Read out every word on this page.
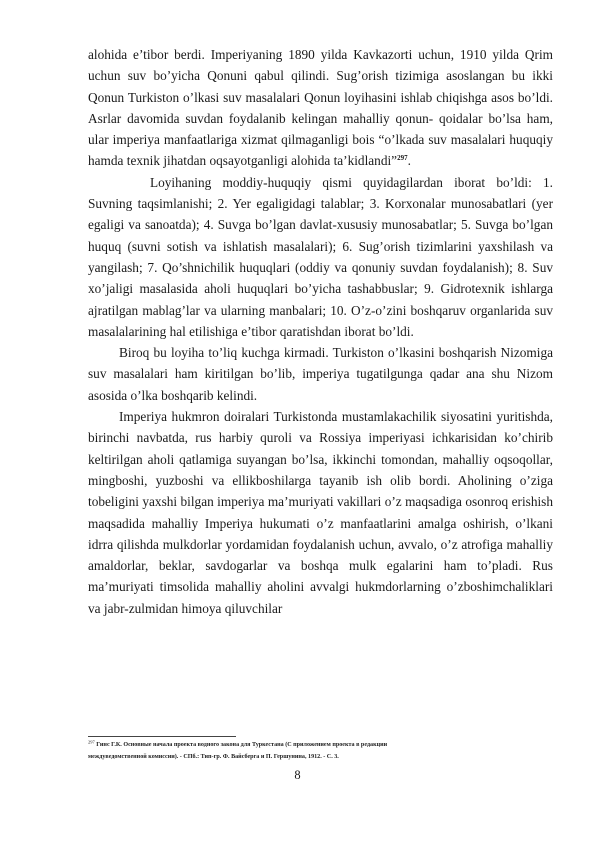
alohida e’tibor berdi. Imperiyaning 1890 yilda Kavkazorti uchun, 1910 yilda Qrim uchun suv bo’yicha Qonuni qabul qilindi. Sug’orish tizimiga asoslangan bu ikki Qonun Turkiston o’lkasi suv masalalari Qonun loyihasini ishlab chiqishga asos bo’ldi. Asrlar davomida suvdan foydalanib kelingan mahalliy qonun- qoidalar bo’lsa ham, ular imperiya manfaatlariga xizmat qilmaganligi bois “o’lkada suv masalalari huquqiy hamda texnik jihatdan oqsayotganligi alohida ta’kidlandi”$^{297}$.

Loyihaning moddiy-huquqiy qismi quyidagilardan iborat bo’ldi: 1. Suvning taqsimlanishi; 2. Yer egaligidagi talablar; 3. Korxonalar munosabatlari (yer egaligi va sanoatda); 4. Suvga bo’lgan davlat-xususiy munosabatlar; 5. Suvga bo’lgan huquq (suvni sotish va ishlatish masalalari); 6. Sug’orish tizimlarini yaxshilash va yangilash; 7. Qo’shnichilik huquqlari (oddiy va qonuniy suvdan foydalanish); 8. Suv xo’jaligi masalasida aholi huquqlari bo’yicha tashabbuslar; 9. Gidrotexnik ishlarga ajratilgan mablag’lar va ularning manbalari; 10. O’z-o’zini boshqaruv organlarida suv masalalarining hal etilishiga e’tibor qaratishdan iborat bo’ldi.

Biroq bu loyiha to’liq kuchga kirmadi. Turkiston o’lkasini boshqarish Nizomiga suv masalalari ham kiritilgan bo’lib, imperiya tugatilgunga qadar ana shu Nizom asosida o’lka boshqarib kelindi.

Imperiya hukmron doiralari Turkistonda mustamlakachilik siyosatini yuritishda, birinchi navbatda, rus harbiy quroli va Rossiya imperiyasi ichkarisidan ko’chirib keltirilgan aholi qatlamiga suyangan bo’lsa, ikkinchi tomondan, mahalliy oqsoqollar, mingboshi, yuzboshi va ellikboshilarga tayanib ish olib bordi. Aholining o’ziga tobeligini yaxshi bilgan imperiya ma’muriyati vakillari o’z maqsadiga osonroq erishish maqsadida mahalliy Imperiya hukumati o’z manfaatlarini amalga oshirish, o’lkani idrra qilishda mulkdorlar yordamidan foydalanish uchun, avvalo, o’z atrofiga mahalliy amaldorlar, beklar, savdogarlar va boshqa mulk egalarini ham to’pladi. Rus ma’muriyati timsolida mahalliy aholini avvalgi hukmdorlarning o’zboshimchaliklari va jabr-zulmidan himoya qiluvchilar

$^{297}$ Гинс Г.К. Основные начала проекта водного закона для Туркестана (С приложением проекта в редакции
междуведомственной комиссии). - СПб.: Тип-гр. Ф. Вайсберга и П. Гершунина, 1912. - С. 3.
8
